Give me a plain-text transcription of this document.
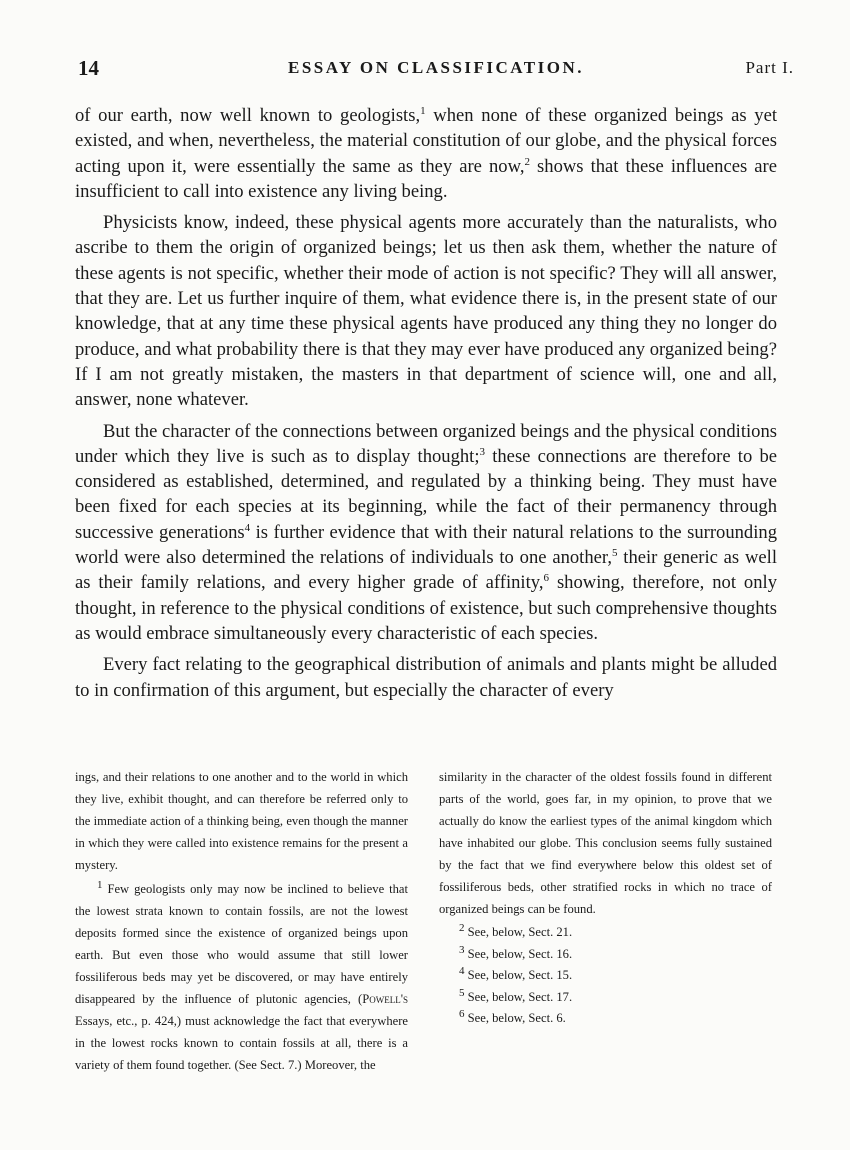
14	ESSAY ON CLASSIFICATION.	Part I.

of our earth, now well known to geologists,$^1$ when none of these organized beings as yet existed, and when, nevertheless, the material constitution of our globe, and the physical forces acting upon it, were essentially the same as they are now,$^2$ shows that these influences are insufficient to call into existence any living being.

Physicists know, indeed, these physical agents more accurately than the naturalists, who ascribe to them the origin of organized beings; let us then ask them, whether the nature of these agents is not specific, whether their mode of action is not specific? They will all answer, that they are. Let us further inquire of them, what evidence there is, in the present state of our knowledge, that at any time these physical agents have produced any thing they no longer do produce, and what probability there is that they may ever have produced any organized being? If I am not greatly mistaken, the masters in that department of science will, one and all, answer, none whatever.

But the character of the connections between organized beings and the physical conditions under which they live is such as to display thought;$^3$ these connections are therefore to be considered as established, determined, and regulated by a thinking being. They must have been fixed for each species at its beginning, while the fact of their permanency through successive generations$^4$ is further evidence that with their natural relations to the surrounding world were also determined the relations of individuals to one another,$^5$ their generic as well as their family relations, and every higher grade of affinity,$^6$ showing, therefore, not only thought, in reference to the physical conditions of existence, but such comprehensive thoughts as would embrace simultaneously every characteristic of each species.

Every fact relating to the geographical distribution of animals and plants might be alluded to in confirmation of this argument, but especially the character of every

ings, and their relations to one another and to the world in which they live, exhibit thought, and can therefore be referred only to the immediate action of a thinking being, even though the manner in which they were called into existence remains for the present a mystery.

$^1$ Few geologists only may now be inclined to believe that the lowest strata known to contain fossils, are not the lowest deposits formed since the existence of organized beings upon earth. But even those who would assume that still lower fossiliferous beds may yet be discovered, or may have entirely disappeared by the influence of plutonic agencies, (Powell's Essays, etc., p. 424,) must acknowledge the fact that everywhere in the lowest rocks known to contain fossils at all, there is a variety of them found together. (See Sect. 7.) Moreover, the

similarity in the character of the oldest fossils found in different parts of the world, goes far, in my opinion, to prove that we actually do know the earliest types of the animal kingdom which have inhabited our globe. This conclusion seems fully sustained by the fact that we find everywhere below this oldest set of fossiliferous beds, other stratified rocks in which no trace of organized beings can be found.

$^2$ See, below, Sect. 21.
$^3$ See, below, Sect. 16.
$^4$ See, below, Sect. 15.
$^5$ See, below, Sect. 17.
$^6$ See, below, Sect. 6.
